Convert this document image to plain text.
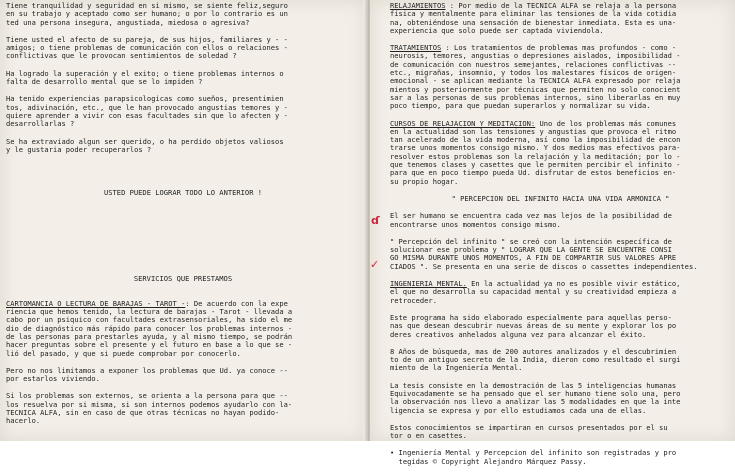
Tiene tranquilidad y seguridad en si mismo, se siente feliz,seguro
en su trabajo y aceptado como ser humano; o por lo contrario es un
ted una persona insegura, angustiada, miedosa o agresiva?

Tiene usted el afecto de su pareja, de sus hijos, familiares y - -
amigos; o tiene problemas de comunicación con ellos o relaciones -
conflictivas que le provocan sentimientos de soledad ?

Ha logrado la superación y el exito; o tiene problemas internos o
falta de desarrollo mental que se lo impiden ?

Ha tenido experiencias parapsicologicas como sueños, presentimien
tos, adivinación, etc., que le han provocado angustias temores y -
quiere aprender a vivir con esas facultades sin que lo afecten y -
desarrollarlas ?

Se ha extraviado algun ser querido, o ha perdido objetos valiosos
y le gustaria poder recuperarlos ?

USTED PUEDE LOGRAR TODO LO ANTERIOR !

SERVICIOS QUE PRESTAMOS

CARTOMANCIA O LECTURA DE BARAJAS - TAROT -: De acuerdo con la expe
riencia que hemos tenido, la lectura de barajas - Tarot - llevada a
cabo por un psiquico con facultades extrasensoriales, ha sido el me
dio de diagnóstico más rápido para conocer los problemas internos -
de las personas para prestarles ayuda, y al mismo tiempo, se podrán
hacer preguntas sobre el presente y el futuro en base a lo que se -
lió del pasado, y que si puede comprobar por conocerlo.

Pero no nos limitamos a exponer los problemas que Ud. ya conoce --
por estarlos viviendo.

Si los problemas son externos, se orienta a la persona para que --
los resuelva por si misma, si son internos podemos ayudarlo con la-
TECNICA ALFA, sin en caso de que otras técnicas no hayan podido-
hacerlo.

RELAJAMIENTOS : Por medio de la TECNICA ALFA se relaja a la persona
física y mentalmente para eliminar las tensiones de la vida cotidia
na, obteniéndose una sensación de bienestar inmediata. Esta es una-
experiencia que solo puede ser captada viviendola.

TRATAMIENTOS : Los tratamientos de problemas mas profundos - como -
neurosis, temores, angustias o depresiones aislados, imposibilidad -
de comunicación con nuestros semejantes, relaciones conflictivas --
etc., migrañas, insomnio, y todos los malestares físicos de origen-
emocional - se aplican mediante la TECNICA ALFA expresado por relaja
mientos y posteriormente por técnicas que permiten no solo conocient
sar a las personas de sus problemas internos, sino liberarlas en muy
poco tiempo, para que puedan superarlos y normalizar su vida.

CURSOS DE RELAJACION Y MEDITACION: Uno de los problemas más comunes
en la actualidad son las tensiones y angustias que provoca el ritmo
tan acelerado de la vida moderna, así como la imposibilidad de encon
trarse unos momentos consigo mismo. Y dos medios mas efectivos para-
resolver estos problemas son la relajación y la meditación; por lo -
que tenemos clases y casettes que le permiten percibir el infinito -
para que en poco tiempo pueda Ud. disfrutar de estos beneficios en-
su propio hogar.

" PERCEPCION DEL INFINITO HACIA UNA VIDA ARMONICA "

El ser humano se encuentra cada vez mas lejos de la posibilidad de
encontrarse unos momentos consigo mismo.

" Percepción del infinito " se creó con la intención específica de
solucionar ese problema y " LOGRAR QUE LA GENTE SE ENCUENTRE CONSI
GO MISMA DURANTE UNOS MOMENTOS, A FIN DE COMPARTIR SUS VALORES APRE
CIADOS ". Se presenta en una serie de discos o cassettes independientes.

INGENIERIA MENTAL. En la actualidad ya no es posible vivir estático,
el que no desarrolla su capacidad mental y su creatividad empieza a
retroceder.

Este programa ha sido elaborado especialmente para aquellas perso-
nas que desean descubrir nuevas áreas de su mente y explorar los po
deres creativos anhelados alguna vez para alcanzar el éxito.

8 Años de búsqueda, mas de 200 autores analizados y el descubrimien
to de un antiguo secreto de la India, dieron como resultado el surgi
miento de la Ingeniería Mental.

La tesis consiste en la demostración de las 5 inteligencias humanas
Equivocadamente se ha pensado que el ser humano tiene solo una, pero
la observación nos llevo a analizar las 5 modalidades en que la inte
ligencia se expresa y por ello estudiamos cada una de ellas.

Estos conocimientos se impartiran en cursos presentados por el su
tor o en casettes.

• Ingeniería Mental y Percepcion del infinito son registradas y pro
tegidas © Copyright Alejandro Márquez Passy.

ɗ
✓
